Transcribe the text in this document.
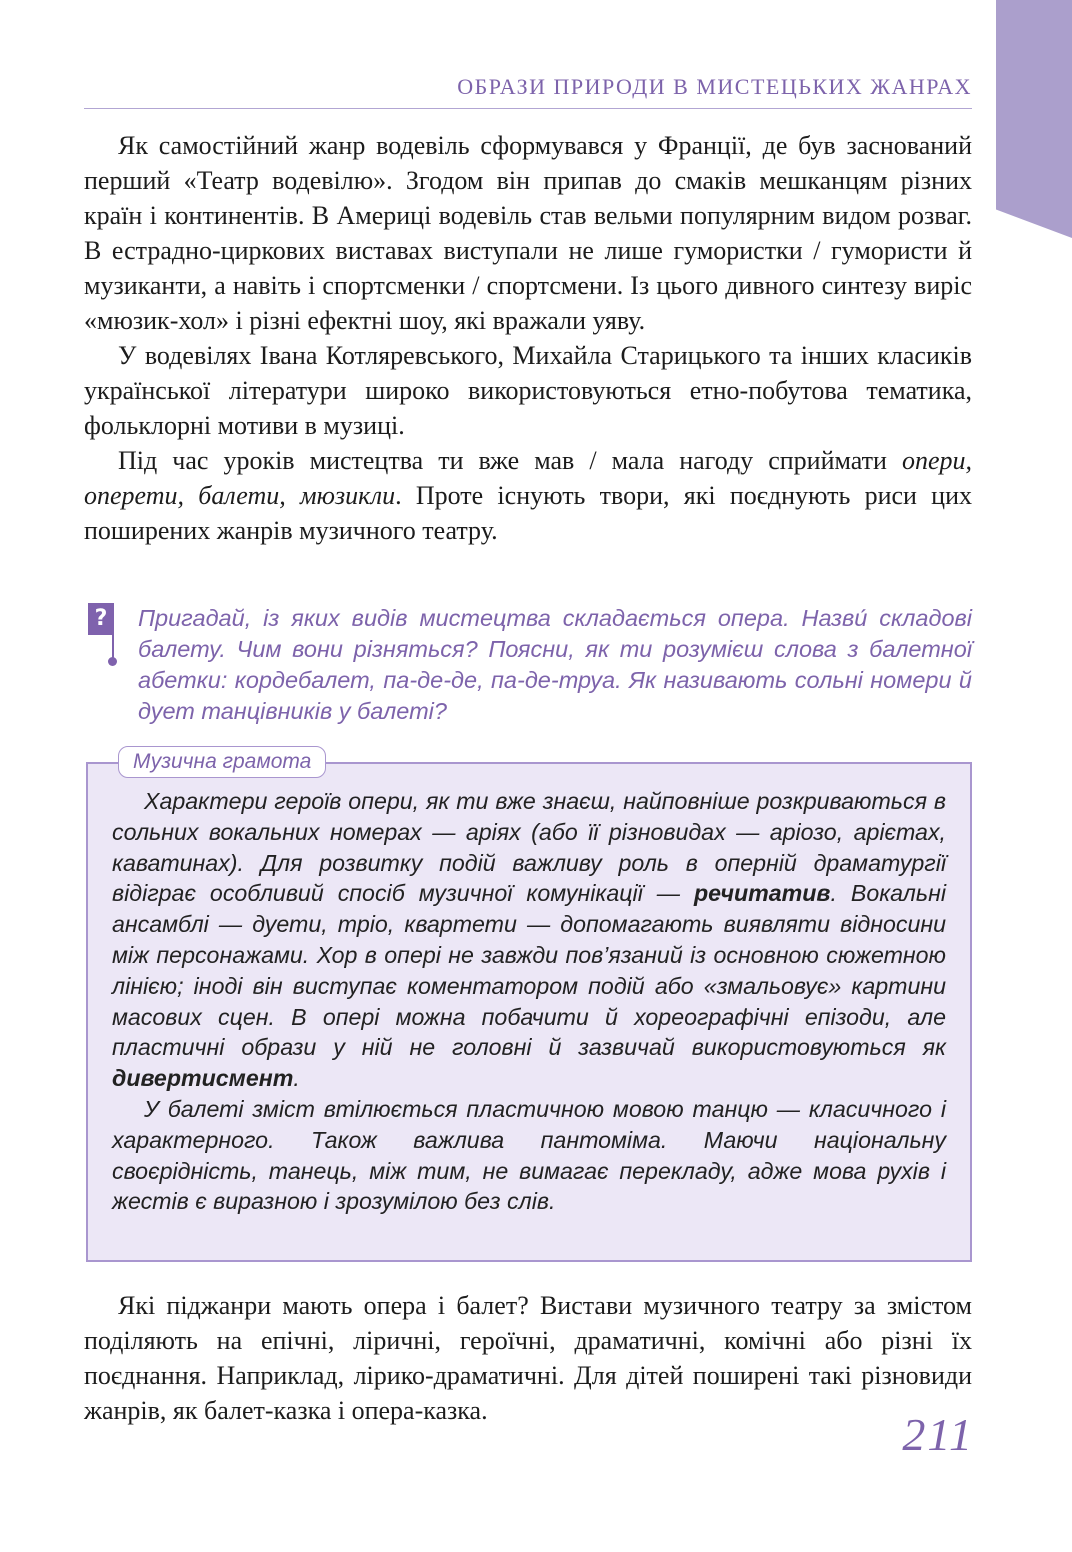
ОБРАЗИ ПРИРОДИ В МИСТЕЦЬКИХ ЖАНРАХ

Як самостійний жанр водевіль сформувався у Франції, де був заснований перший «Театр водевілю». Згодом він припав до смаків мешканцям різних країн і континентів. В Америці водевіль став вельми популярним видом розваг. В естрадно-циркових виставах виступали не лише гумористки / гумористи й музиканти, а навіть і спортсменки / спортсмени. Із цього дивного синтезу виріс «мюзик-хол» і різні ефектні шоу, які вражали уяву.

У водевілях Івана Котляревського, Михайла Старицького та інших класиків української літератури широко використовуються етно-побутова тематика, фольклорні мотиви в музиці.

Під час уроків мистецтва ти вже мав / мала нагоду сприймати опери, оперети, балети, мюзикли. Проте існують твори, які поєднують риси цих поширених жанрів музичного театру.

? Пригадай, із яких видів мистецтва складається опера. Назви́ складові балету. Чим вони різняться? Поясни, як ти розумієш слова з балетної абетки: кордебалет, па-де-де, па-де-труа. Як називають сольні номери й дует танцівників у балеті?
Музична грамота

Характери героїв опери, як ти вже знаєш, найповніше розкриваються в сольних вокальних номерах — аріях (або її різновидах — аріозо, арієтах, каватинах). Для розвитку подій важливу роль в оперній драматургії відіграє особливий спосіб музичної комунікації — речитатив. Вокальні ансамблі — дуети, тріо, квартети — допомагають виявляти відносини між персонажами. Хор в опері не завжди пов’язаний із основною сюжетною лінією; іноді він виступає коментатором подій або «змальовує» картини масових сцен. В опері можна побачити й хореографічні епізоди, але пластичні образи у ній не головні й зазвичай використовуються як дивертисмент.

У балеті зміст втілюється пластичною мовою танцю — класичного і характерного. Також важлива пантоміма. Маючи національну своєрідність, танець, між тим, не вимагає перекладу, адже мова рухів і жестів є виразною і зрозумілою без слів.

Які піджанри мають опера і балет? Вистави музичного театру за змістом поділяють на епічні, ліричні, героїчні, драматичні, комічні або різні їх поєднання. Наприклад, лірико-драматичні. Для дітей поширені такі різновиди жанрів, як балет-казка і опера-казка.	211
